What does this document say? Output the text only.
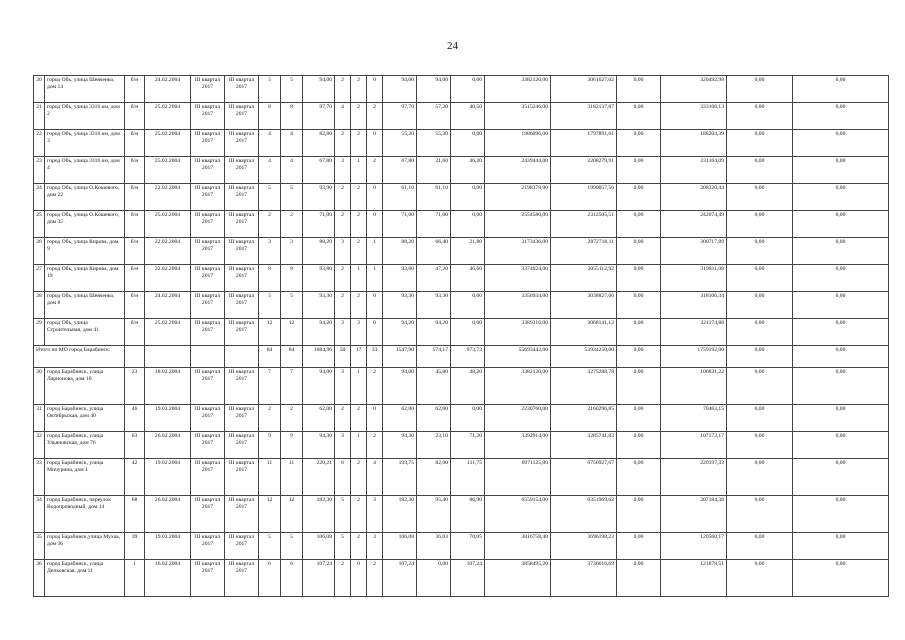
24
20	город Обь, улица Шевченко, дом 14	б/н	24.02.2004	III квартал 2017	III квартал 2017	5	5	94,00	2	2	0	94,00	94,00	0,00	3382120,00	3061627,02	0,00	320492,98	0,00	0,00
21	город Обь, улица 3316 км, дом 2	б/н	25.02.2004	III квартал 2017	III квартал 2017	8	8	97,70	4	2	2	97,70	57,20	40,50	3515246,00	3182137,87	0,00	333108,13	0,00	0,00
22	город Обь, улица 3316 км, дом 3	б/н	25.02.2004	III квартал 2017	III квартал 2017	4	4	82,80	2	2	0	55,20	55,20	0,00	1986096,00	1797891,61	0,00	188204,39	0,00	0,00
23	город Обь, улица 3316 км, дом 4	б/н	25.02.2004	III квартал 2017	III квартал 2017	4	4	67,80	3	1	2	67,80	21,60	46,20	2439444,00	2208279,91	0,00	231164,09	0,00	0,00
24	город Обь, улица О.Кошевого, дом 22	б/н	22.02.2004	III квартал 2017	III квартал 2017	5	5	93,90	2	2	0	61,10	61,10	0,00	2198378,00	1990057,56	0,00	208320,44	0,00	0,00
25	город Обь, улица О.Кошевого, дом 35	б/н	25.02.2004	III квартал 2017	III квартал 2017	2	2	71,00	2	2	0	71,00	71,00	0,00	2554580,00	2312505,51	0,00	242074,49	0,00	0,00
26	город Обь, улица Кирова, дом 9	б/н	22.02.2004	III квартал 2017	III квартал 2017	3	3	88,20	3	2	1	88,20	66,40	21,80	3173436,00	2872718,11	0,00	300717,89	0,00	0,00
27	город Обь, улица Кирова, дом 19	б/н	22.02.2004	III квартал 2017	III квартал 2017	8	8	93,80	2	1	1	93,80	47,20	46,60	3374924,00	3055112,92	0,00	319811,08	0,00	0,00
28	город Обь, улица Шевченко, дом 8	б/н	24.02.2004	III квартал 2017	III квартал 2017	5	5	93,30	2	2	0	93,30	93,30	0,00	3356934,00	3038827,66	0,00	318106,34	0,00	0,00
29	город Обь, улица Строительная, дом 41	б/н	25.02.2004	III квартал 2017	III квартал 2017	12	12	94,20	3	3	0	94,20	94,20	0,00	3389316,00	3068141,12	0,00	321174,88	0,00	0,00
Итого по МО город Барабинск:						84	84	1684,96	50	17	33	1547,90	574,17	973,73	55693442,00	53934250,00	0,00	1759192,00	0,00	0,00
30	город Барабинск, улица Ларионова, дом 10	23	18.02.2004	III квартал 2017	III квартал 2017	7	7	94,00	3	1	2	94,00	45,80	48,20	3382120,00	3275288,78	0,00	106831,22	0,00	0,00
31	город Барабинск, улица Октябрьская, дом 40	46	19.02.2004	III квартал 2017	III квартал 2017	2	2	62,00	2	2	0	62,00	62,00	0,00	2230760,00	2160296,85	0,00	70463,15	0,00	0,00
32	город Барабинск, улица Ульяновская, дом 76	63	26.02.2004	III квартал 2017	III квартал 2017	9	9	94,30	3	1	2	94,30	23,10	71,20	3392914,00	3285741,83	0,00	107172,17	0,00	0,00
33	город Барабинск, улица Мичурина, дом 1	42	19.02.2004	III квартал 2017	III квартал 2017	11	11	220,21	6	2	4	193,75	82,00	111,75	6971125,00	6750927,67	0,00	220197,33	0,00	0,00
34	город Барабинск, переулок Водопроводный, дом 14	68	26.02.2004	III квартал 2017	III квартал 2017	12	12	182,30	5	2	3	182,30	95,40	86,90	6559154,00	6351969,62	0,00	207184,38	0,00	0,00
35	город Барабинск,улица Мухаа, дом 36	39	19.02.2004	III квартал 2017	III квартал 2017	5	5	106,08	5	2	3	106,08	36,03	70,05	3816758,40	3696198,23	0,00	120560,17	0,00	0,00
36	город Барабинск, улица Депковская, дом 11	1	16.02.2004	III квартал 2017	III квартал 2017	6	6	107,24	2	0	2	107,24	0,00	107,24	3858495,20	3736616,69	0,00	121878,51	0,00	0,00
